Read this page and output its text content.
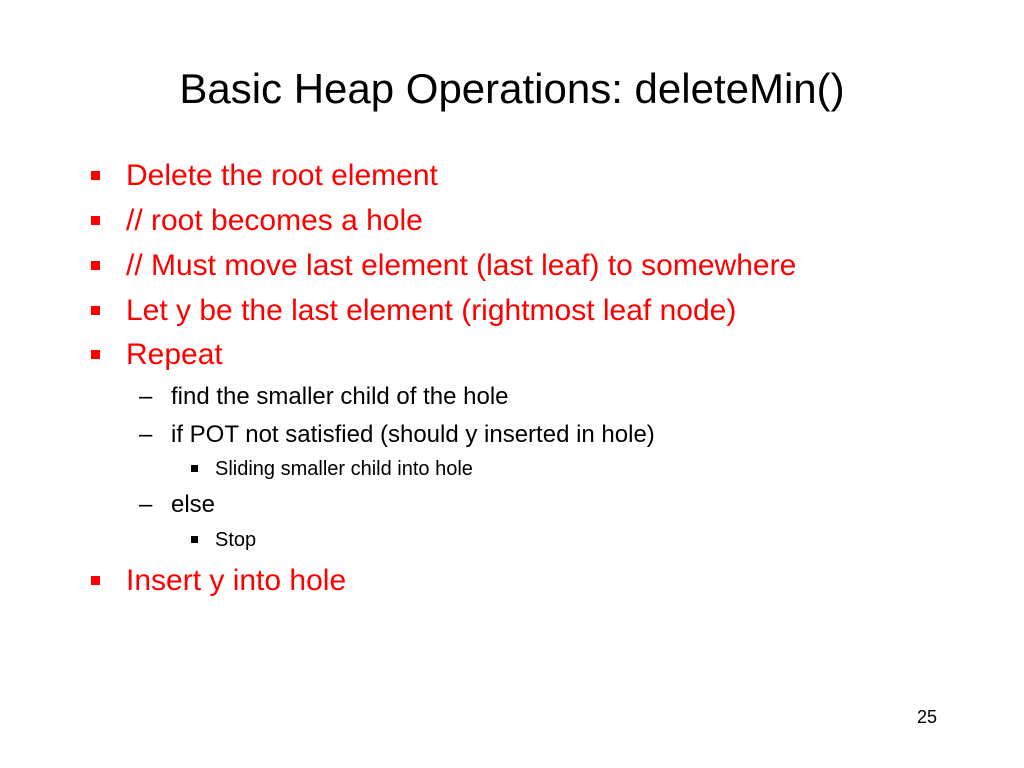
Basic Heap Operations: deleteMin()
Delete the root element
// root becomes a hole
// Must move last element (last leaf) to somewhere
Let y be the last element (rightmost leaf node)
Repeat
– find the smaller child of the hole
– if POT not satisfied (should y inserted in hole)
Sliding smaller child into hole
– else
Stop
Insert y into hole
25
